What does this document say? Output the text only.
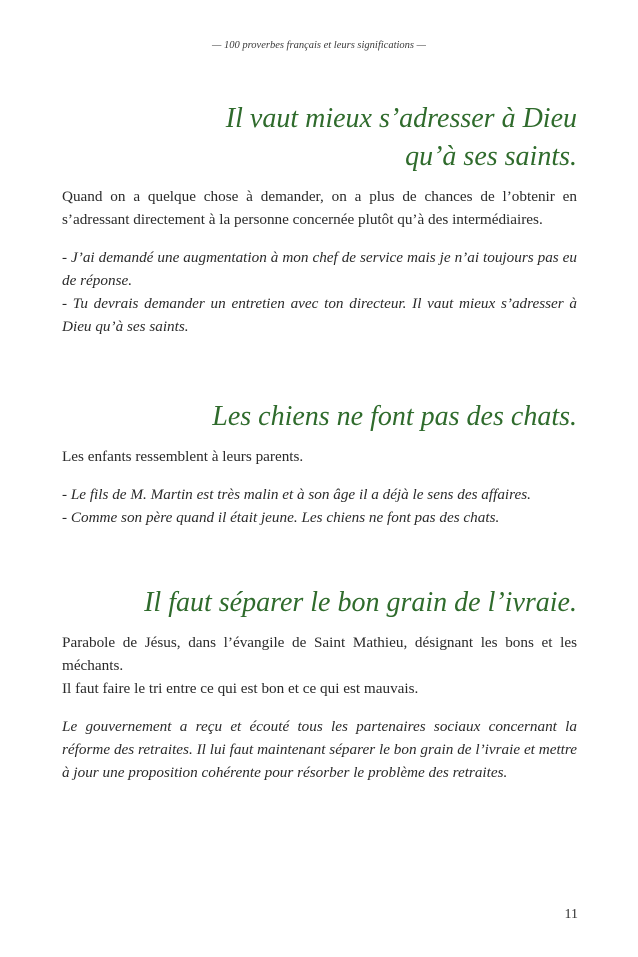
— 100 proverbes français et leurs significations —
Il vaut mieux s’adresser à Dieu
qu’à ses saints.

Quand on a quelque chose à demander, on a plus de chances de l’obtenir en s’adressant directement à la personne concernée plutôt qu’à des intermédiaires.

- J’ai demandé une augmentation à mon chef de service mais je n’ai toujours pas eu de réponse.

- Tu devrais demander un entretien avec ton directeur. Il vaut mieux s’adresser à Dieu qu’à ses saints.

Les chiens ne font pas des chats.

Les enfants ressemblent à leurs parents.

- Le fils de M. Martin est très malin et à son âge il a déjà le sens des affaires.

- Comme son père quand il était jeune. Les chiens ne font pas des chats.

Il faut séparer le bon grain de l’ivraie.

Parabole de Jésus, dans l’évangile de Saint Mathieu, désignant les bons et les méchants.

Il faut faire le tri entre ce qui est bon et ce qui est mauvais.

Le gouvernement a reçu et écouté tous les partenaires sociaux concernant la réforme des retraites. Il lui faut maintenant séparer le bon grain de l’ivraie et mettre à jour une proposition cohérente pour résorber le problème des retraites.

11
